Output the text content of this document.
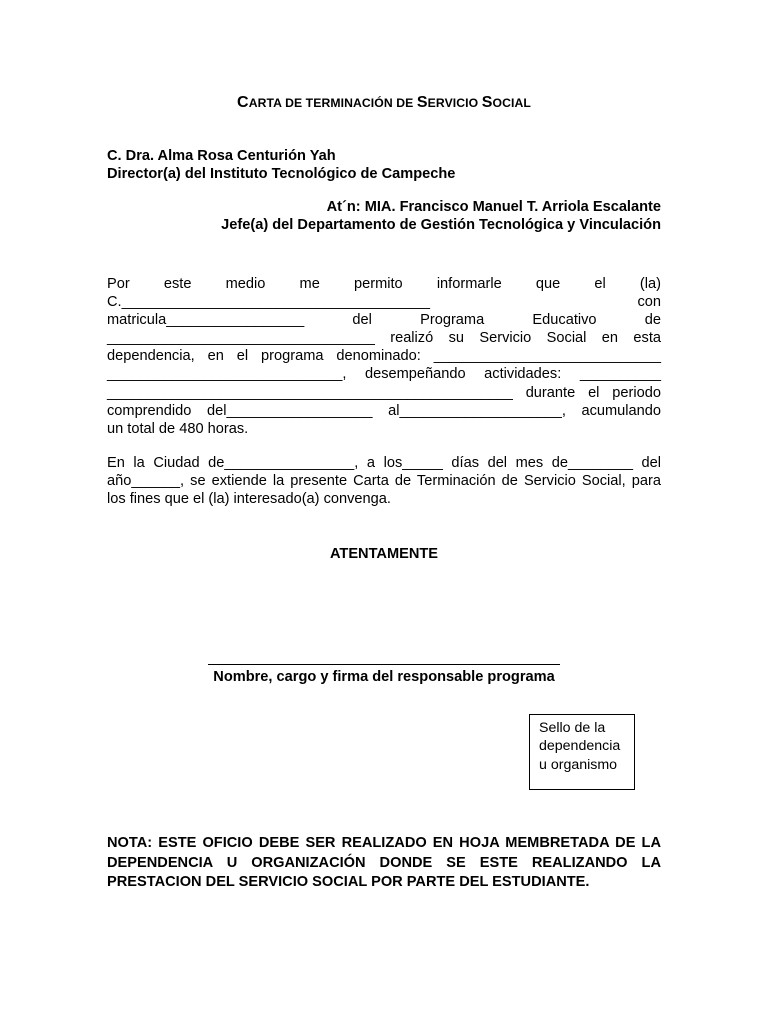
CARTA DE TERMINACIÓN DE SERVICIO SOCIAL
C. Dra. Alma Rosa Centurión Yah
Director(a) del Instituto Tecnológico de Campeche
At´n: MIA. Francisco Manuel T. Arriola Escalante
Jefe(a) del Departamento de Gestión Tecnológica y Vinculación
Por este medio me permito informarle que el (la)
C.______________________________________ con
matricula_________________ del Programa Educativo de
_________________________________ realizó su Servicio Social en esta
dependencia, en el programa denominado: ____________________________
_____________________________, desempeñando actividades: __________
__________________________________________________ durante el periodo
comprendido del__________________ al____________________, acumulando
un total de 480 horas.
En la Ciudad de________________, a los_____ días del mes de________ del
año______, se extiende la presente Carta de Terminación de Servicio Social, para
los fines que el (la) interesado(a) convenga.
ATENTAMENTE
Nombre, cargo y firma del responsable programa
Sello de la
dependencia
u organismo
NOTA: ESTE OFICIO DEBE SER REALIZADO EN HOJA MEMBRETADA DE LA
DEPENDENCIA U ORGANIZACIÓN DONDE SE ESTE REALIZANDO LA
PRESTACION DEL SERVICIO SOCIAL POR PARTE DEL ESTUDIANTE.
